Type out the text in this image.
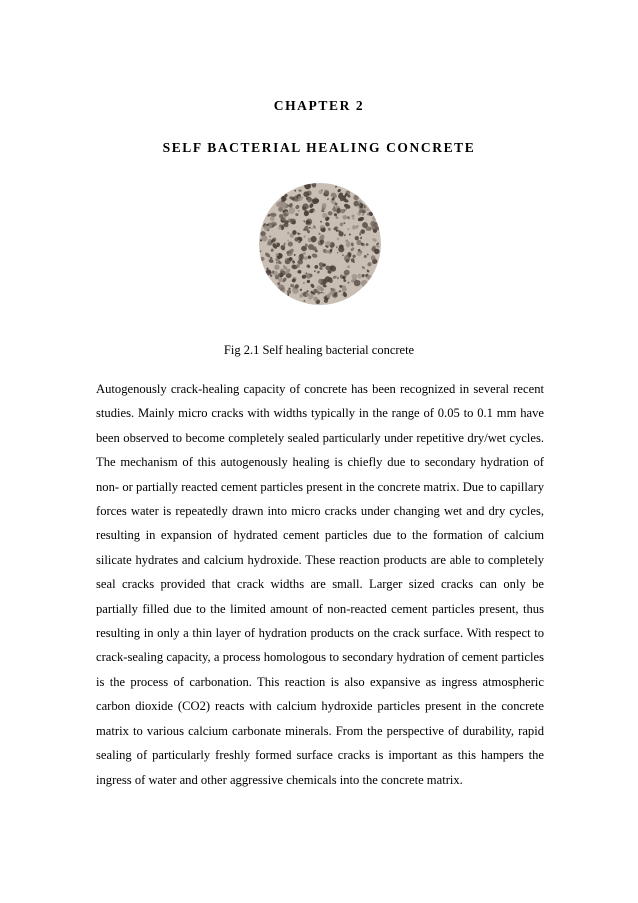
CHAPTER 2
SELF BACTERIAL HEALING CONCRETE
Fig 2.1 Self healing bacterial concrete

Autogenously crack-healing capacity of concrete has been recognized in several recent studies. Mainly micro cracks with widths typically in the range of 0.05 to 0.1 mm have been observed to become completely sealed particularly under repetitive dry/wet cycles. The mechanism of this autogenously healing is chiefly due to secondary hydration of non- or partially reacted cement particles present in the concrete matrix. Due to capillary forces water is repeatedly drawn into micro cracks under changing wet and dry cycles, resulting in expansion of hydrated cement particles due to the formation of calcium silicate hydrates and calcium hydroxide. These reaction products are able to completely seal cracks provided that crack widths are small. Larger sized cracks can only be partially filled due to the limited amount of non-reacted cement particles present, thus resulting in only a thin layer of hydration products on the crack surface. With respect to crack-sealing capacity, a process homologous to secondary hydration of cement particles is the process of carbonation. This reaction is also expansive as ingress atmospheric carbon dioxide (CO2) reacts with calcium hydroxide particles present in the concrete matrix to various calcium carbonate minerals. From the perspective of durability, rapid sealing of particularly freshly formed surface cracks is important as this hampers the ingress of water and other aggressive chemicals into the concrete matrix.
